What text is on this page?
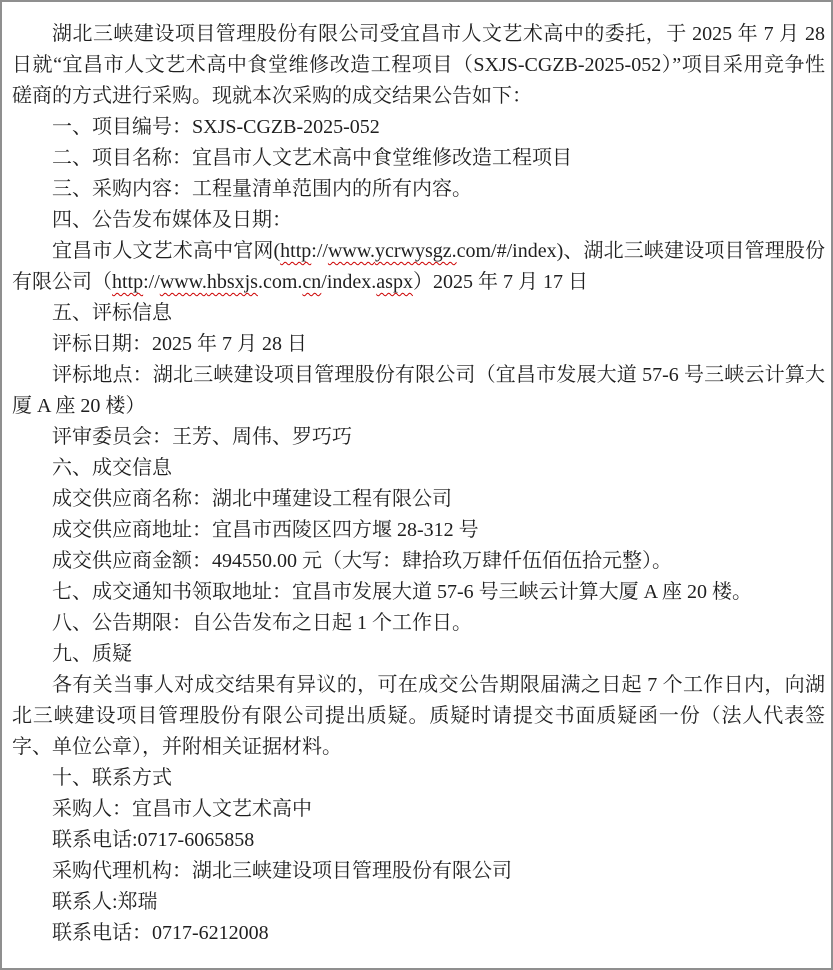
湖北三峡建设项目管理股份有限公司受宜昌市人文艺术高中的委托，于 2025 年 7 月 28 日就“宜昌市人文艺术高中食堂维修改造工程项目（SXJS-CGZB-2025-052）”项目采用竞争性磋商的方式进行采购。现就本次采购的成交结果公告如下：

一、项目编号：SXJS-CGZB-2025-052

二、项目名称：宜昌市人文艺术高中食堂维修改造工程项目

三、采购内容：工程量清单范围内的所有内容。

四、公告发布媒体及日期：

宜昌市人文艺术高中官网(http://www.ycrwysgz.com/#/index)、湖北三峡建设项目管理股份有限公司（http://www.hbsxjs.com.cn/index.aspx）2025 年 7 月 17 日

五、评标信息

评标日期：2025 年 7 月 28 日

评标地点：湖北三峡建设项目管理股份有限公司（宜昌市发展大道 57-6 号三峡云计算大厦 A 座 20 楼）

评审委员会：王芳、周伟、罗巧巧

六、成交信息

成交供应商名称：湖北中瑾建设工程有限公司

成交供应商地址：宜昌市西陵区四方堰 28-312 号

成交供应商金额：494550.00 元（大写：肆拾玖万肆仟伍佰伍拾元整）。

七、成交通知书领取地址：宜昌市发展大道 57-6 号三峡云计算大厦 A 座 20 楼。

八、公告期限：自公告发布之日起 1 个工作日。

九、质疑

各有关当事人对成交结果有异议的，可在成交公告期限届满之日起 7 个工作日内，向湖北三峡建设项目管理股份有限公司提出质疑。质疑时请提交书面质疑函一份（法人代表签字、单位公章），并附相关证据材料。

十、联系方式

采购人：宜昌市人文艺术高中

联系电话:0717-6065858

采购代理机构：湖北三峡建设项目管理股份有限公司

联系人:郑瑞

联系电话：0717-6212008
